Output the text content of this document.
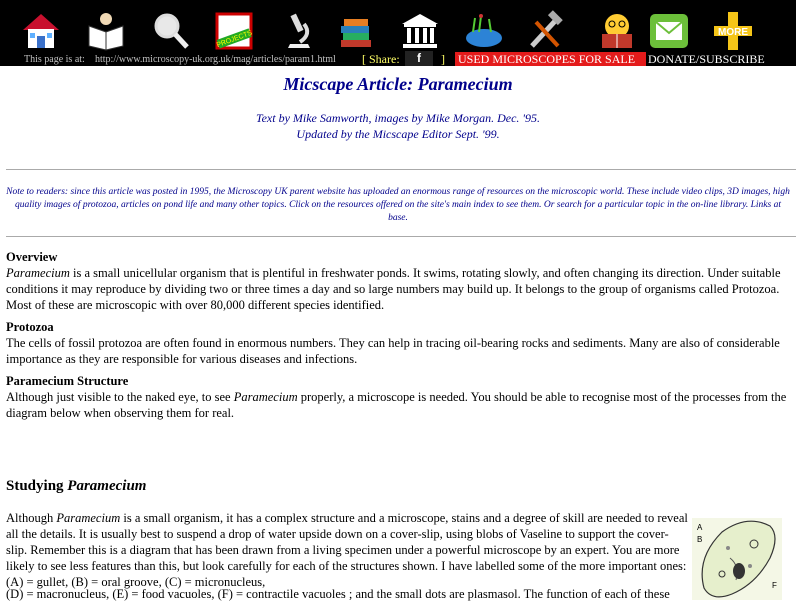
PROJECTS	MORE
This page is at: http://www.microscopy-uk.org.uk/mag/articles/param1.html [ Share:	f	] USED MICROSCOPES FOR SALE	DONATE/SUBSCRIBE
Micscape Article: Paramecium
Text by Mike Samworth, images by Mike Morgan. Dec. '95.
Updated by the Micscape Editor Sept. '99.
Note to readers: since this article was posted in 1995, the Microscopy UK parent website has uploaded an enormous range of resources on the microscopic world. These include video clips, 3D images, high quality images of protozoa, articles on pond life and many other topics. Click on the resources offered on the site's main index to see them. Or search for a particular topic in the on-line library. Links at base.
Overview
Paramecium is a small unicellular organism that is plentiful in freshwater ponds. It swims, rotating slowly, and often changing its direction. Under suitable conditions it may reproduce by dividing two or three times a day and so large numbers may build up. It belongs to the group of organisms called Protozoa. Most of these are microscopic with over 80,000 different species identified.
Protozoa
The cells of fossil protozoa are often found in enormous numbers. They can help in tracing oil-bearing rocks and sediments. Many are also of considerable importance as they are responsible for various diseases and infections.
Paramecium Structure
Although just visible to the naked eye, to see Paramecium properly, a microscope is needed. You should be able to recognise most of the processes from the diagram below when observing them for real.
Studying Paramecium
Although Paramecium is a small organism, it has a complex structure and a microscope, stains and a degree of skill are needed to reveal all the details. It is usually best to suspend a drop of water upside down on a cover-slip, using blobs of Vaseline to support the cover-slip. Remember this is a diagram that has been drawn from a living specimen under a powerful microscope by an expert. You are more likely to see less features than this, but look carefully for each of the structures shown. I have labelled some of the more important ones: (A) = gullet, (B) = oral groove, (C) = micronucleus,
(D) = macronucleus, (E) = food vacuoles, (F) = contractile vacuoles ; and the small dots are plasmasol. The function of each of these
A
B
F
